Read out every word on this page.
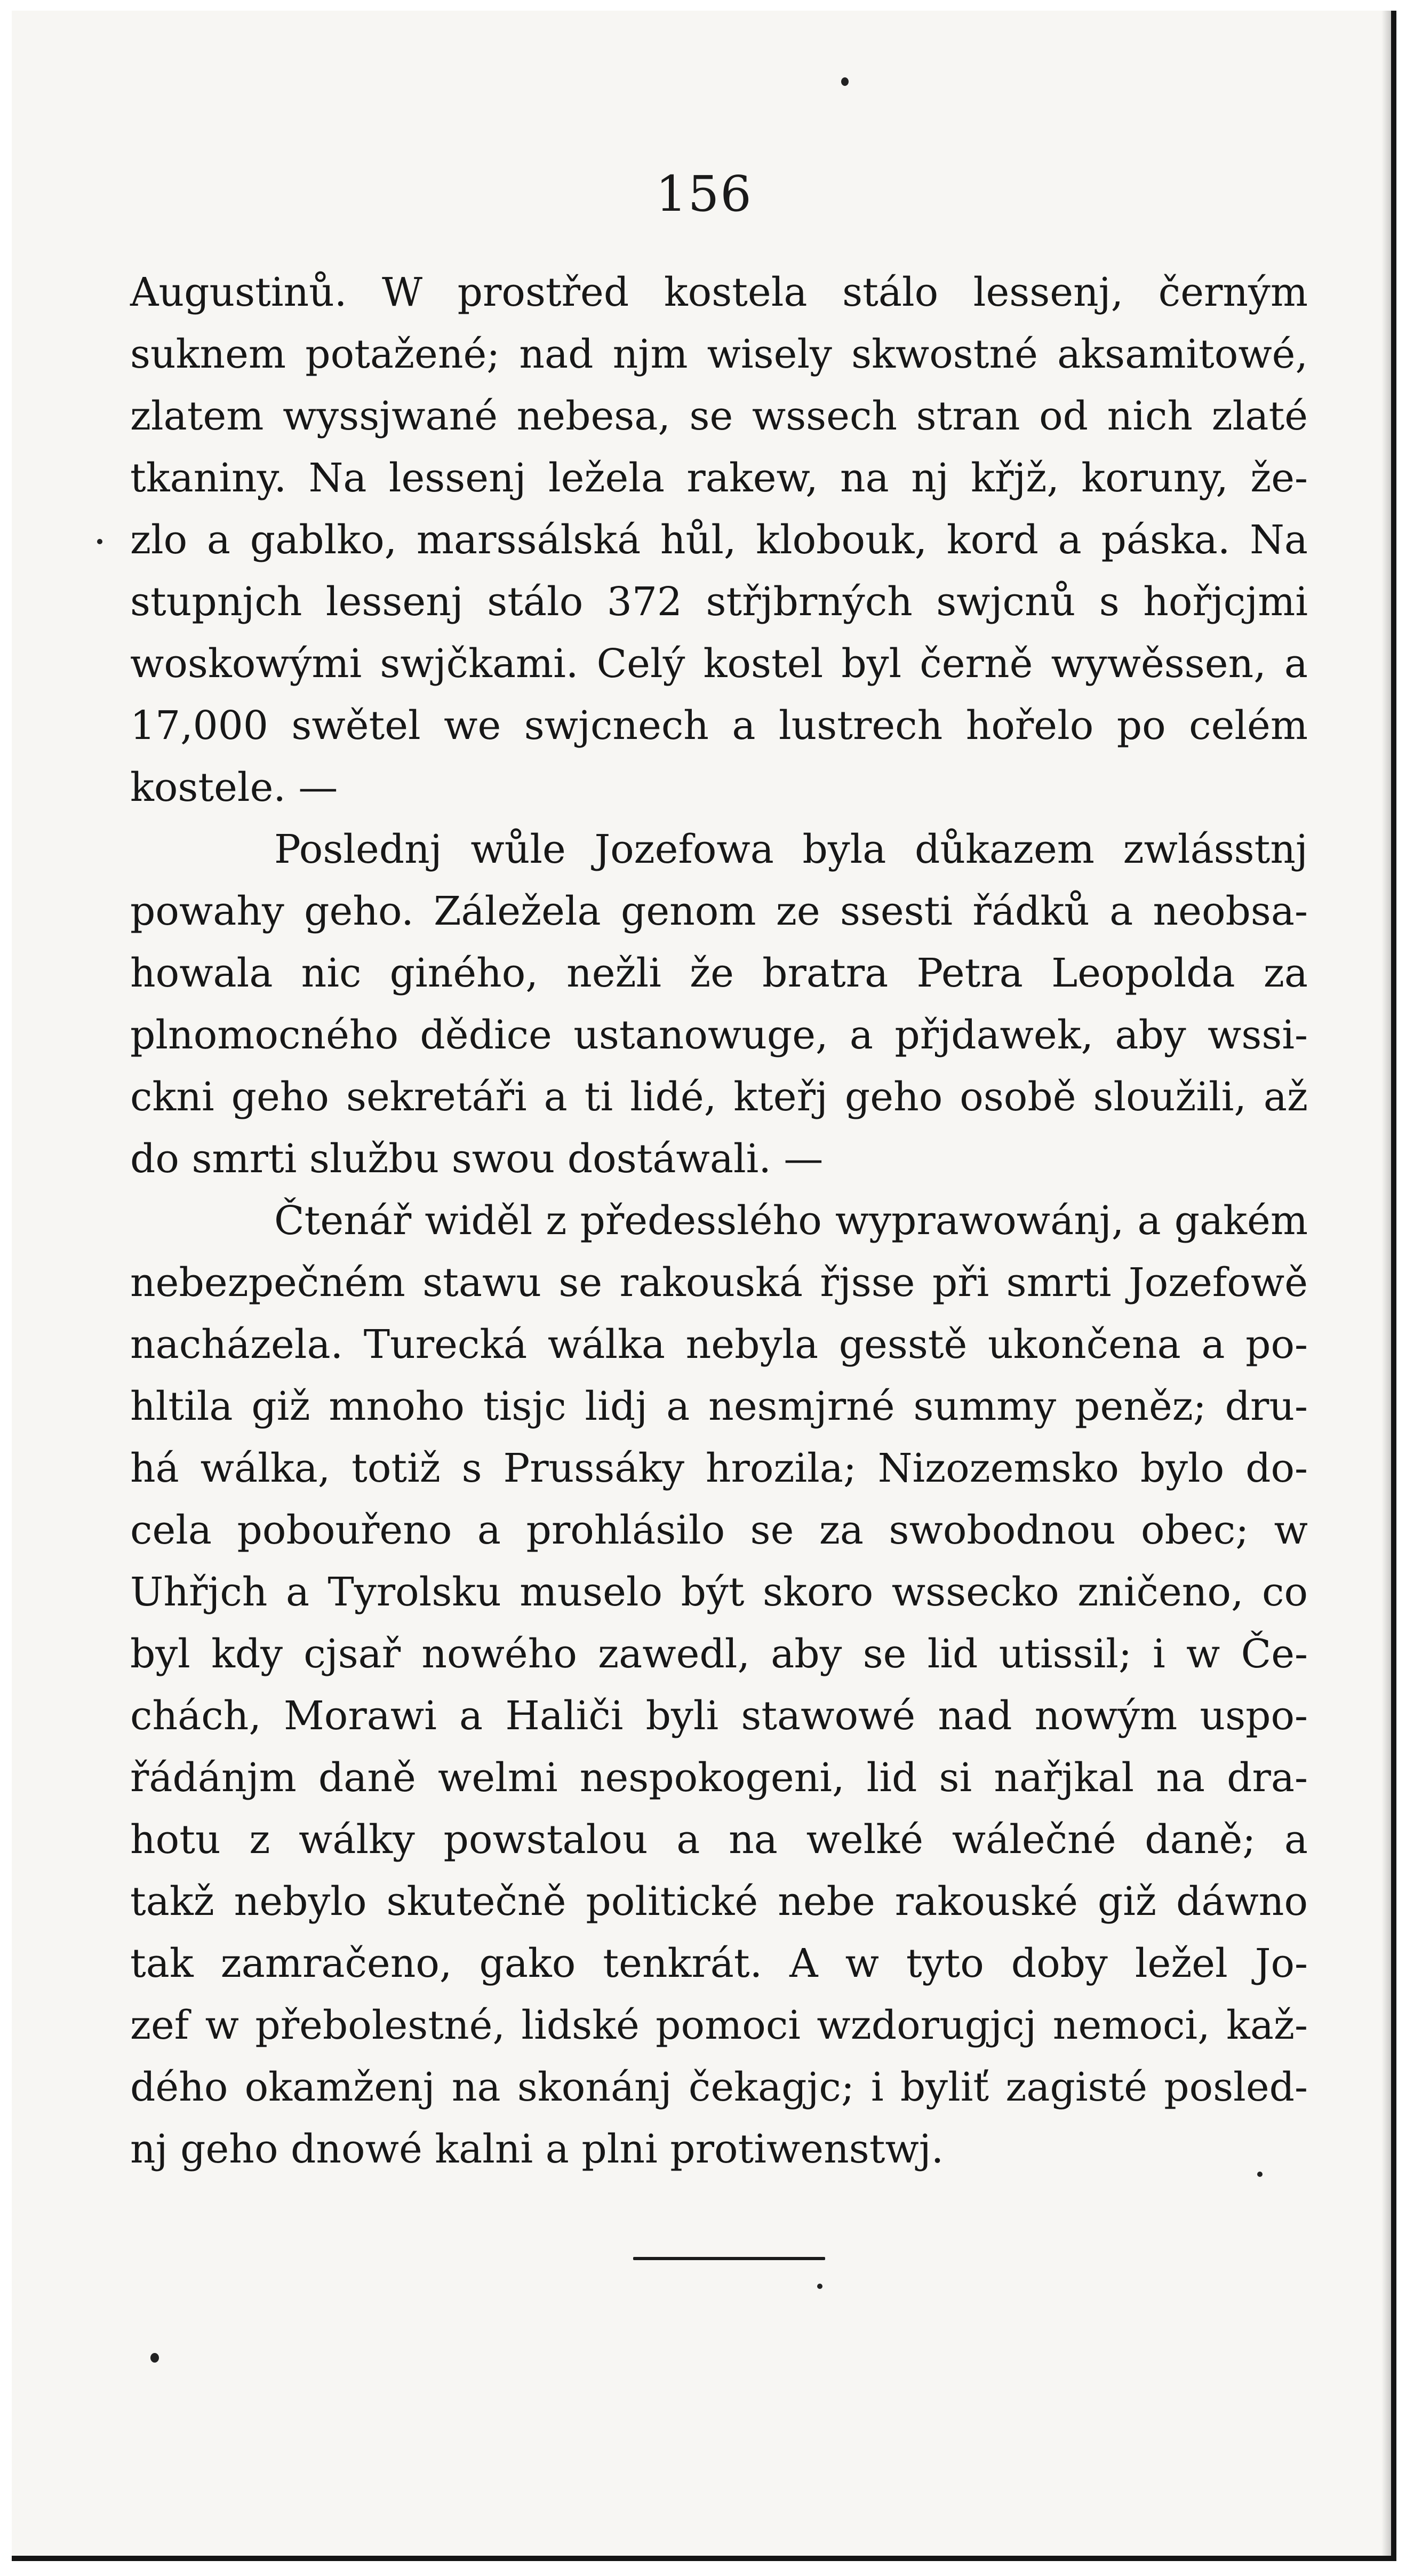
156
Augustinů. W prostřed kostela stálo lessenj, černým
suknem potažené; nad njm wisely skwostné aksamitowé,
zlatem wyssjwané nebesa, se wssech stran od nich zlaté
tkaniny. Na lessenj ležela rakew, na nj křjž, koruny, že-
zlo a gablko, marssálská hůl, klobouk, kord a páska. Na
stupnjch lessenj stálo 372 střjbrných swjcnů s hořjcjmi
woskowými swjčkami. Celý kostel byl černě wywěssen, a
17,000 swětel we swjcnech a lustrech hořelo po celém
kostele. —
Poslednj wůle Jozefowa byla důkazem zwlásstnj
powahy geho. Záležela genom ze ssesti řádků a neobsa-
howala nic giného, nežli že bratra Petra Leopolda za
plnomocného dědice ustanowuge, a přjdawek, aby wssi-
ckni geho sekretáři a ti lidé, kteřj geho osobě sloužili, až
do smrti službu swou dostáwali. —
Čtenář widěl z předessléhо wyprawowánj, a gakém
nebezpečném stawu se rakouská řjsse při smrti Jozefowě
nacházela. Turecká wálka nebyla gesstě ukončena a po-
hltila giž mnoho tisjc lidj a nesmjrné summy peněz; dru-
há wálka, totiž s Prussáky hrozila; Nizozemsko bylo do-
cela pobouřeno a prohlásilo se za swobodnou obec; w
Uhřjch a Tyrolsku muselo být skoro wssecko zničeno, co
byl kdy cjsař nowého zawedl, aby se lid utissil; i w Če-
chách, Morawi a Haliči byli stawowé nad nowým uspo-
řádánjm daně welmi nespokogeni, lid si nařjkal na dra-
hotu z wálky powstalou a na welké wálečné daně; a
takž nebylo skutečně politické nebe rakouské giž dáwno
tak zamračeno, gako tenkrát. A w tyto doby ležel Jo-
zef w přebolestné, lidské pomoci wzdorugjcj nemoci, kaž-
dého okamženj na skonánj čekagjc; i byliť zagisté posled-
nj geho dnowé kalni a plni protiwenstwj.
